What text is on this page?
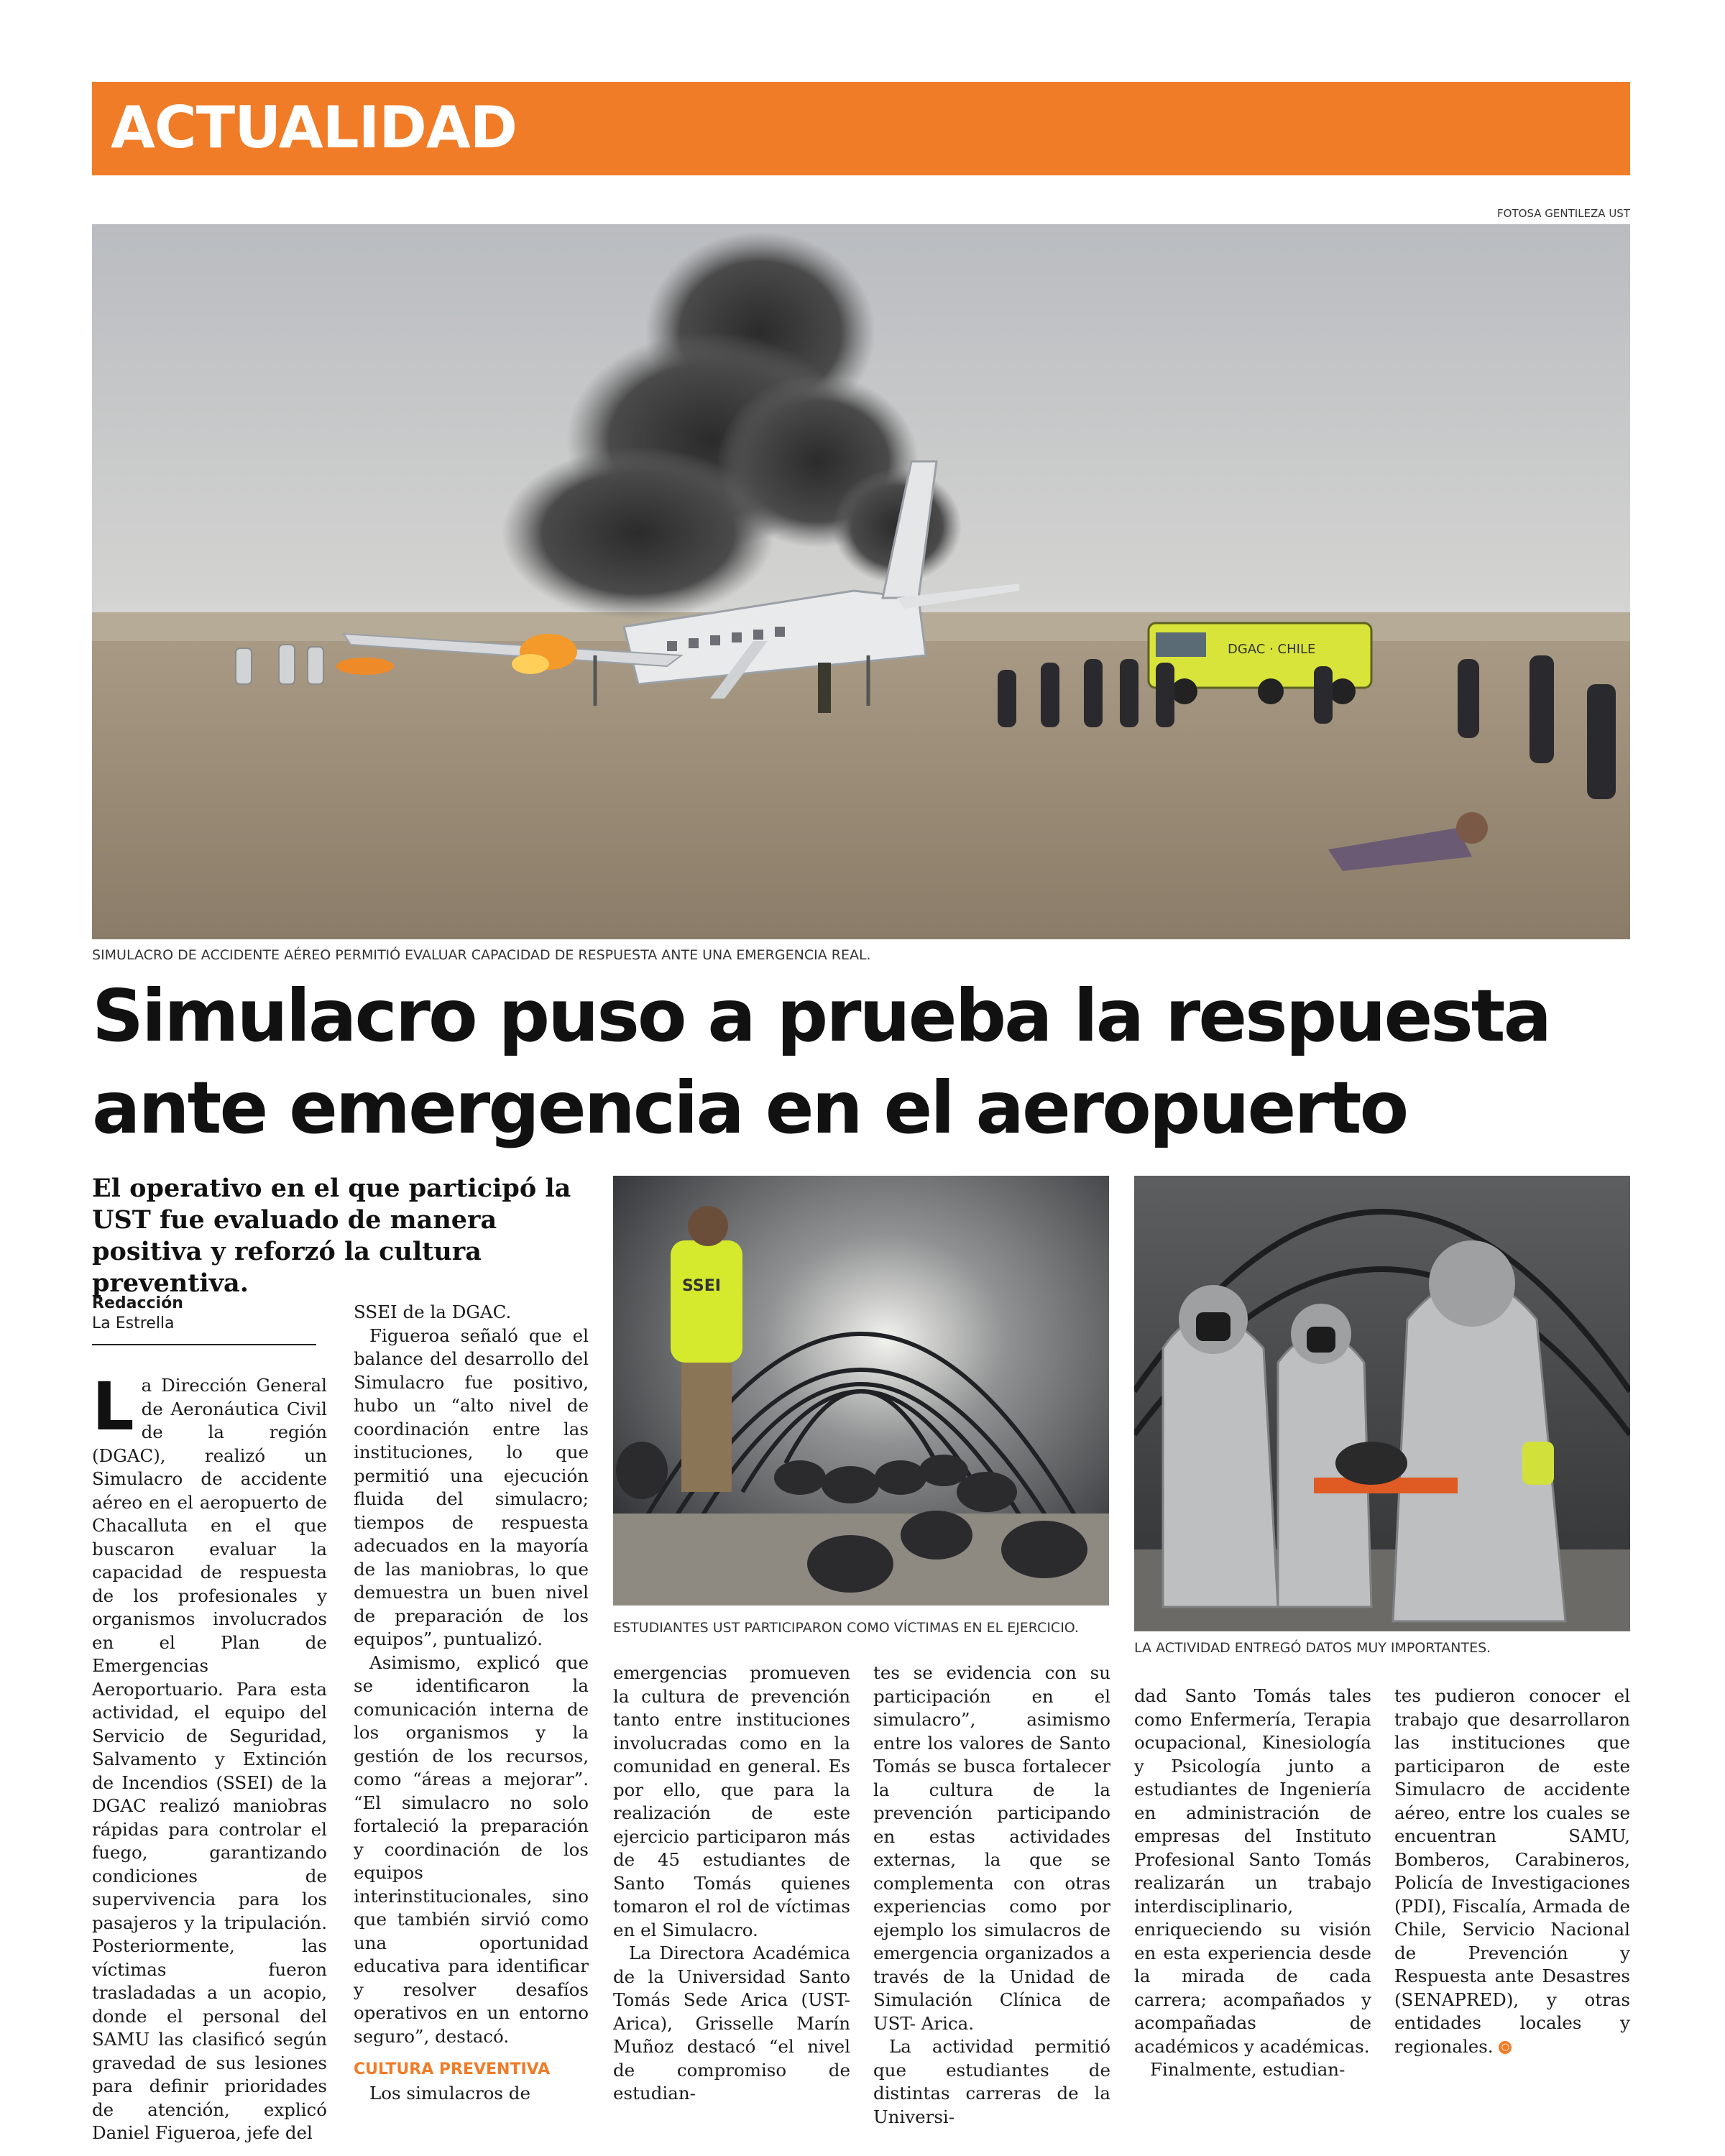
ACTUALIDAD
FOTOSA GENTILEZA UST
DGAC · CHILE
SIMULACRO DE ACCIDENTE AÉREO PERMITIÓ EVALUAR CAPACIDAD DE RESPUESTA ANTE UNA EMERGENCIA REAL.
Simulacro puso a prueba la respuesta ante emergencia en el aeropuerto

El operativo en el que participó la UST fue evaluado de manera positiva y reforzó la cultura preventiva.

Redacción
La Estrella
SSEI
ESTUDIANTES UST PARTICIPARON COMO VÍCTIMAS EN EL EJERCICIO.
LA ACTIVIDAD ENTREGÓ DATOS MUY IMPORTANTES.

La Dirección General de Aeronáutica Civil de la región (DGAC), realizó un Simulacro de accidente aéreo en el aeropuerto de Chacalluta en el que buscaron evaluar la capacidad de respuesta de los profesionales y organismos involucrados en el Plan de Emergencias Aeroportuario. Para esta actividad, el equipo del Servicio de Seguridad, Salvamento y Extinción de Incendios (SSEI) de la DGAC realizó maniobras rápidas para controlar el fuego, garantizando condiciones de supervivencia para los pasajeros y la tripulación. Posteriormente, las víctimas fueron trasladadas a un acopio, donde el personal del SAMU las clasificó según gravedad de sus lesiones para definir prioridades de atención, explicó Daniel Figueroa, jefe del

SSEI de la DGAC.

Figueroa señaló que el balance del desarrollo del Simulacro fue positivo, hubo un “alto nivel de coordinación entre las instituciones, lo que permitió una ejecución fluida del simulacro; tiempos de respuesta adecuados en la mayoría de las maniobras, lo que demuestra un buen nivel de preparación de los equipos”, puntualizó.

Asimismo, explicó que se identificaron la comunicación interna de los organismos y la gestión de los recursos, como “áreas a mejorar”. “El simulacro no solo fortaleció la preparación y coordinación de los equipos interinstitucionales, sino que también sirvió como una oportunidad educativa para identificar y resolver desafíos operativos en un entorno seguro”, destacó.

CULTURA PREVENTIVA

Los simulacros de

emergencias promueven la cultura de prevención tanto entre instituciones involucradas como en la comunidad en general. Es por ello, que para la realización de este ejercicio participaron más de 45 estudiantes de Santo Tomás quienes tomaron el rol de víctimas en el Simulacro.

La Directora Académica de la Universidad Santo Tomás Sede Arica (UST-Arica), Grisselle Marín Muñoz destacó “el nivel de compromiso de estudian-

tes se evidencia con su participación en el simulacro”, asimismo entre los valores de Santo Tomás se busca fortalecer la cultura de la prevención participando en estas actividades externas, la que se complementa con otras experiencias como por ejemplo los simulacros de emergencia organizados a través de la Unidad de Simulación Clínica de UST- Arica.

La actividad permitió que estudiantes de distintas carreras de la Universi-

dad Santo Tomás tales como Enfermería, Terapia ocupacional, Kinesiología y Psicología junto a estudiantes de Ingeniería en administración de empresas del Instituto Profesional Santo Tomás realizarán un trabajo interdisciplinario, enriqueciendo su visión en esta experiencia desde la mirada de cada carrera; acompañados y acompañadas de académicos y académicas.

Finalmente, estudian-

tes pudieron conocer el trabajo que desarrollaron las instituciones que participaron de este Simulacro de accidente aéreo, entre los cuales se encuentran SAMU, Bomberos, Carabineros, Policía de Investigaciones (PDI), Fiscalía, Armada de Chile, Servicio Nacional de Prevención y Respuesta ante Desastres (SENAPRED), y otras entidades locales y regionales. ○
